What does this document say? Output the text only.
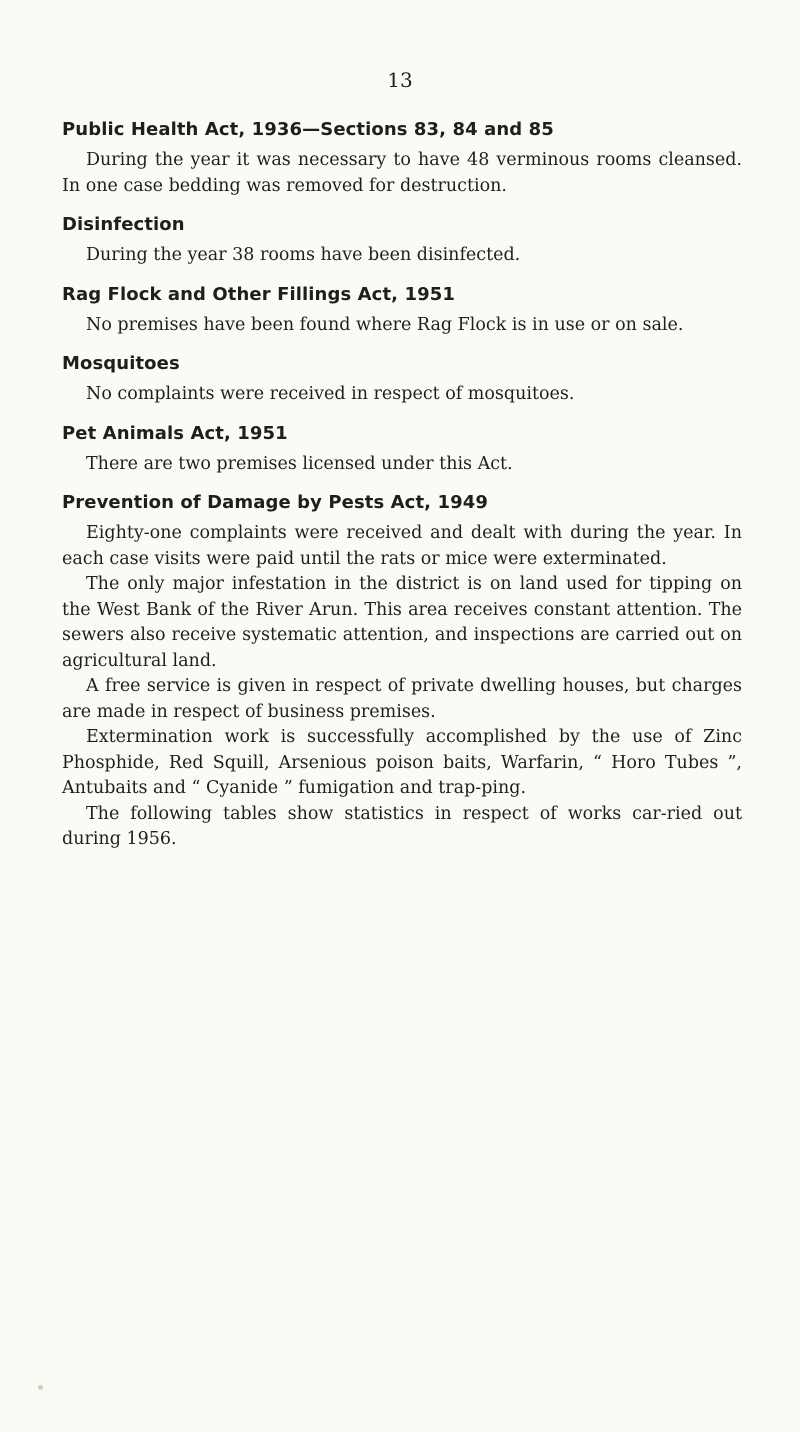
13
Public Health Act, 1936—Sections 83, 84 and 85

During the year it was necessary to have 48 verminous rooms cleansed. In one case bedding was removed for destruction.

Disinfection

During the year 38 rooms have been disinfected.

Rag Flock and Other Fillings Act, 1951

No premises have been found where Rag Flock is in use or on sale.

Mosquitoes

No complaints were received in respect of mosquitoes.

Pet Animals Act, 1951

There are two premises licensed under this Act.

Prevention of Damage by Pests Act, 1949

Eighty-one complaints were received and dealt with during the year. In each case visits were paid until the rats or mice were exterminated.

The only major infestation in the district is on land used for tipping on the West Bank of the River Arun. This area receives constant attention. The sewers also receive systematic attention, and inspections are carried out on agricultural land.

A free service is given in respect of private dwelling houses, but charges are made in respect of business premises.

Extermination work is successfully accomplished by the use of Zinc Phosphide, Red Squill, Arsenious poison baits, Warfarin, “ Horo Tubes ”, Antubaits and “ Cyanide ” fumigation and trap-ping.

The following tables show statistics in respect of works car-ried out during 1956.
